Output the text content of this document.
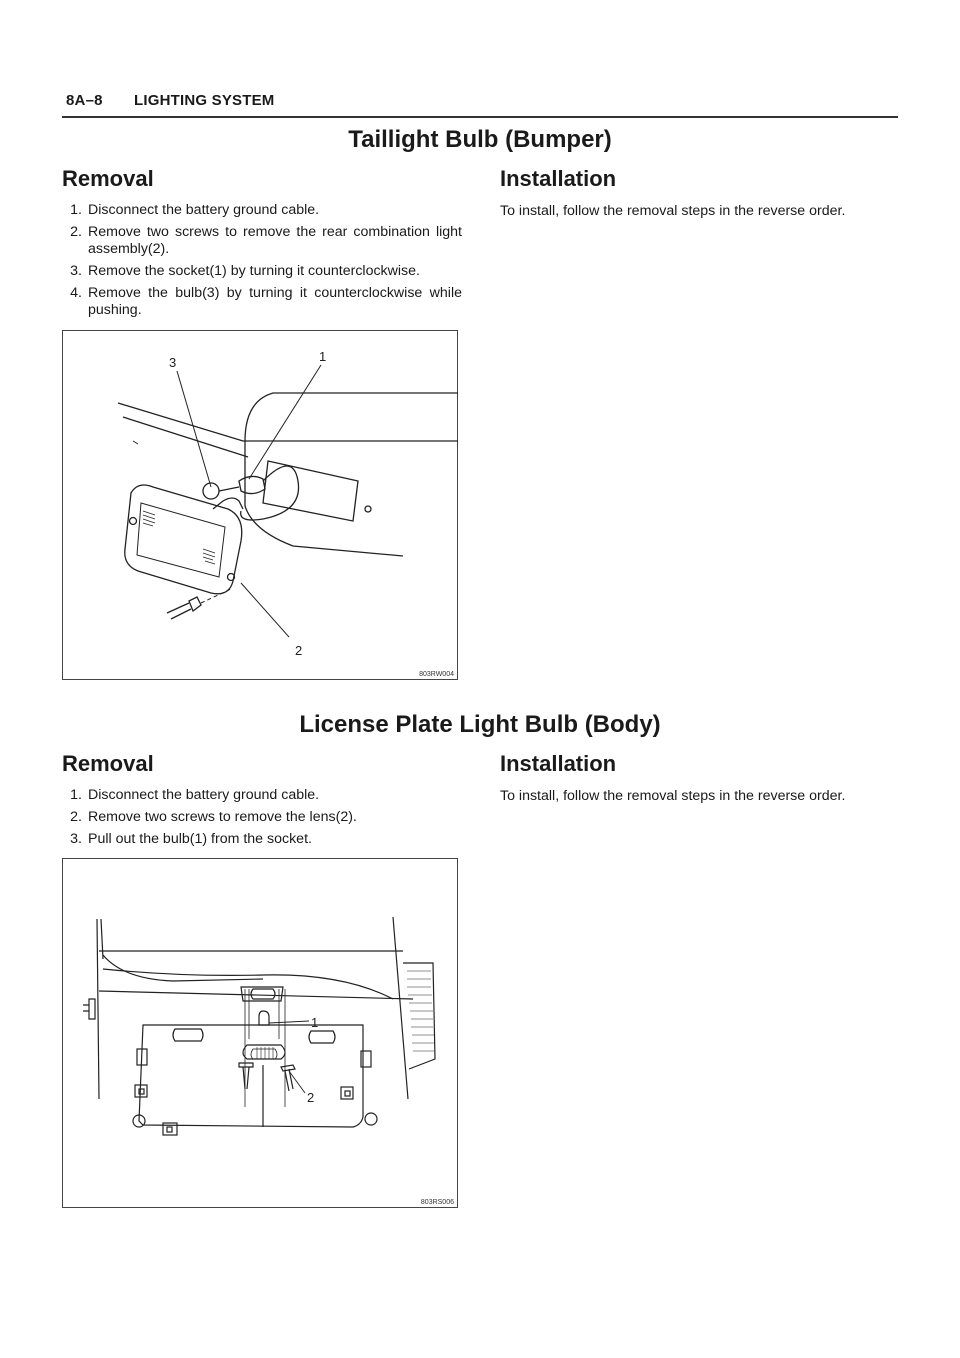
8A–8 LIGHTING SYSTEM
Taillight Bulb (Bumper)
Removal
1. Disconnect the battery ground cable.
2. Remove two screws to remove the rear combination light assembly(2).
3. Remove the socket(1) by turning it counterclockwise.
4. Remove the bulb(3) by turning it counterclockwise while pushing.
Installation

To install, follow the removal steps in the reverse order.

3	1
2
803RW004
License Plate Light Bulb (Body)
Removal
1. Disconnect the battery ground cable.
2. Remove two screws to remove the lens(2).
3. Pull out the bulb(1) from the socket.
Installation

To install, follow the removal steps in the reverse order.

1
2
803RS006
